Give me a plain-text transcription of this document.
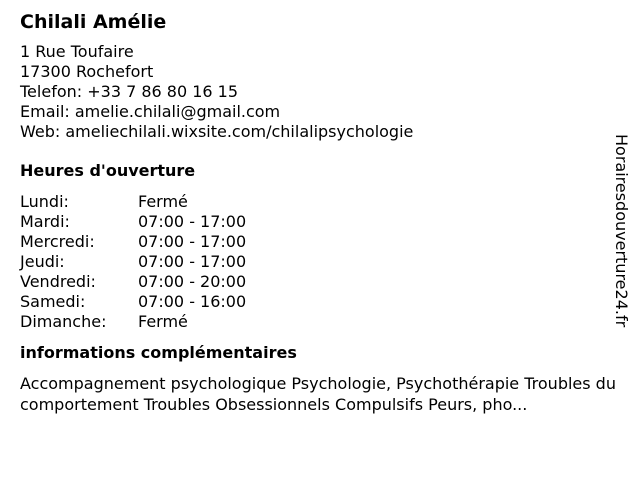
Chilali Amélie
1 Rue Toufaire
17300 Rochefort
Telefon: +33 7 86 80 16 15
Email: amelie.chilali@gmail.com
Web: ameliechilali.wixsite.com/chilalipsychologie
Heures d'ouverture
Lundi:	Fermé
Mardi:	07:00 - 17:00
Mercredi:	07:00 - 17:00
Jeudi:	07:00 - 17:00
Vendredi:	07:00 - 20:00
Samedi:	07:00 - 16:00
Dimanche:	Fermé
informations complémentaires
Accompagnement psychologique Psychologie, Psychothérapie Troubles du comportement Troubles Obsessionnels Compulsifs Peurs, pho...
Horairesdouverture24.fr
